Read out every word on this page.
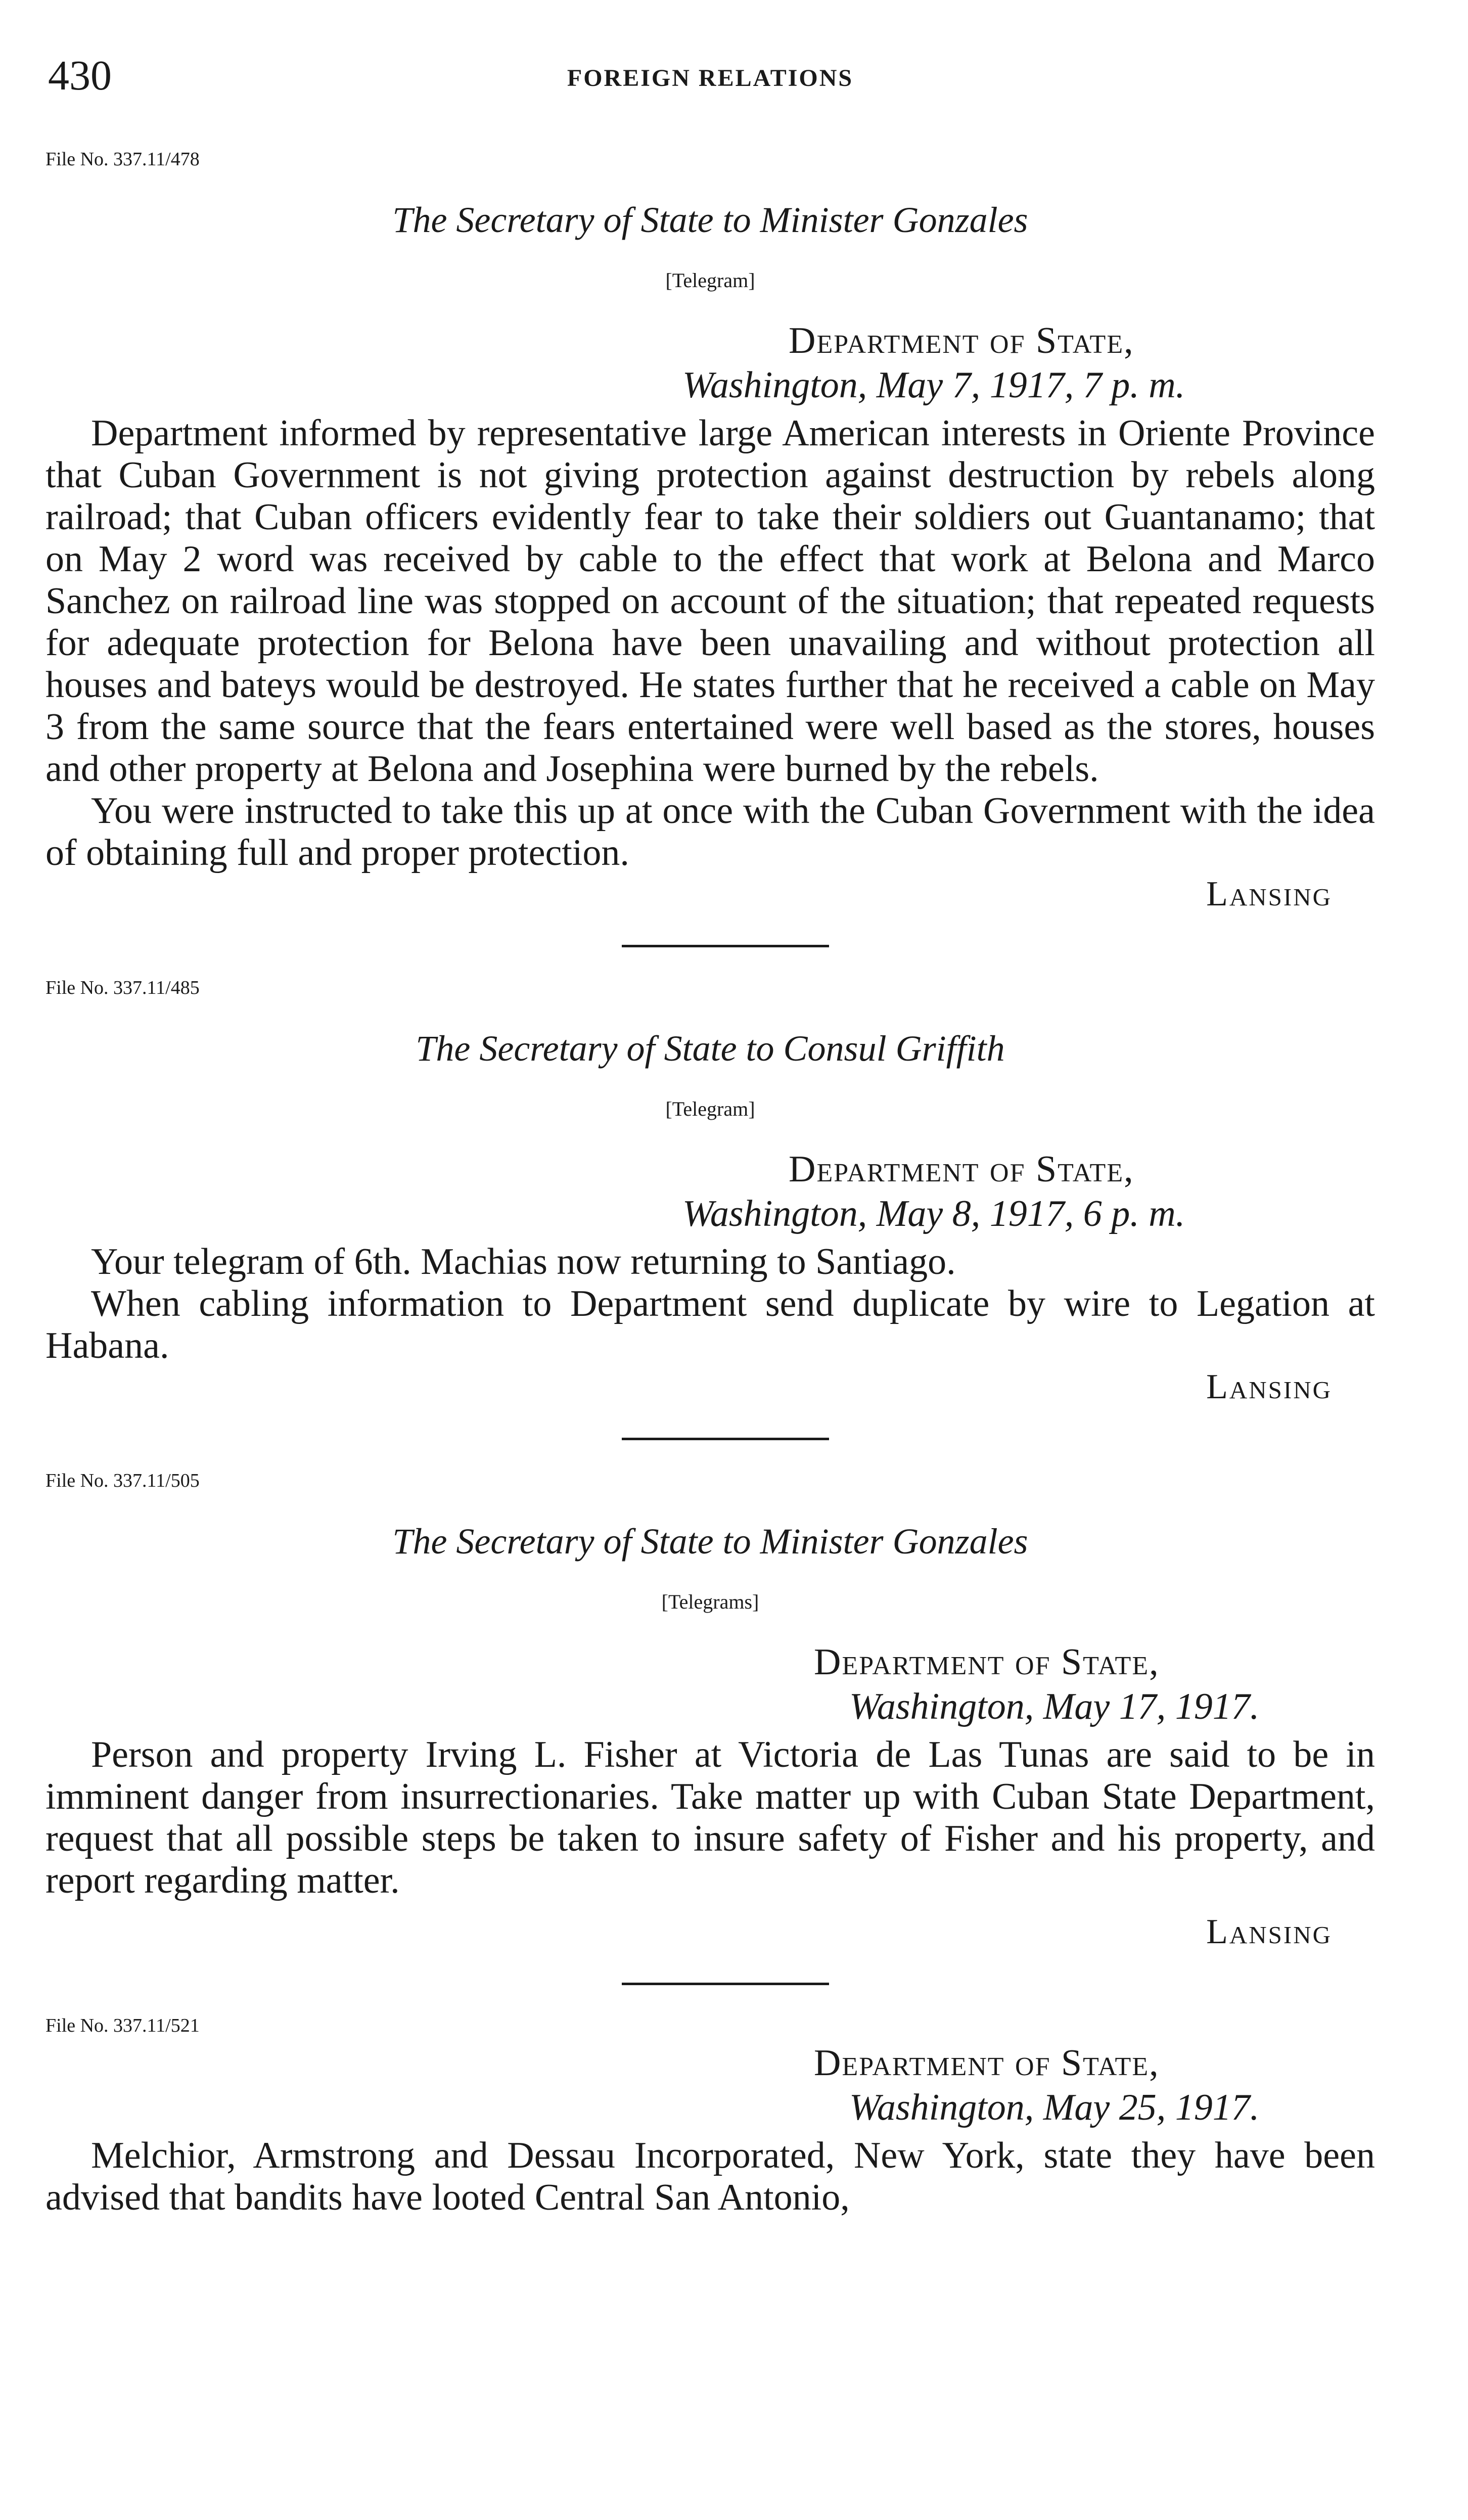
430	FOREIGN RELATIONS

File No. 337.11/478

The Secretary of State to Minister Gonzales

[Telegram]

Department of State,
Washington, May 7, 1917, 7 p. m.

Department informed by representative large American interests in Oriente Province that Cuban Government is not giving protection against destruction by rebels along railroad; that Cuban officers evidently fear to take their soldiers out Guantanamo; that on May 2 word was received by cable to the effect that work at Belona and Marco Sanchez on railroad line was stopped on account of the situation; that repeated requests for adequate protection for Belona have been unavailing and without protection all houses and bateys would be destroyed. He states further that he received a cable on May 3 from the same source that the fears entertained were well based as the stores, houses and other property at Belona and Josephina were burned by the rebels.

You were instructed to take this up at once with the Cuban Government with the idea of obtaining full and proper protection.

Lansing

File No. 337.11/485

The Secretary of State to Consul Griffith

[Telegram]

Department of State,
Washington, May 8, 1917, 6 p. m.

Your telegram of 6th. Machias now returning to Santiago.

When cabling information to Department send duplicate by wire to Legation at Habana.

Lansing

File No. 337.11/505

The Secretary of State to Minister Gonzales

[Telegrams]

Department of State,
Washington, May 17, 1917.

Person and property Irving L. Fisher at Victoria de Las Tunas are said to be in imminent danger from insurrectionaries. Take matter up with Cuban State Department, request that all possible steps be taken to insure safety of Fisher and his property, and report regarding matter.

Lansing

File No. 337.11/521

Department of State,
Washington, May 25, 1917.

Melchior, Armstrong and Dessau Incorporated, New York, state they have been advised that bandits have looted Central San Antonio,
